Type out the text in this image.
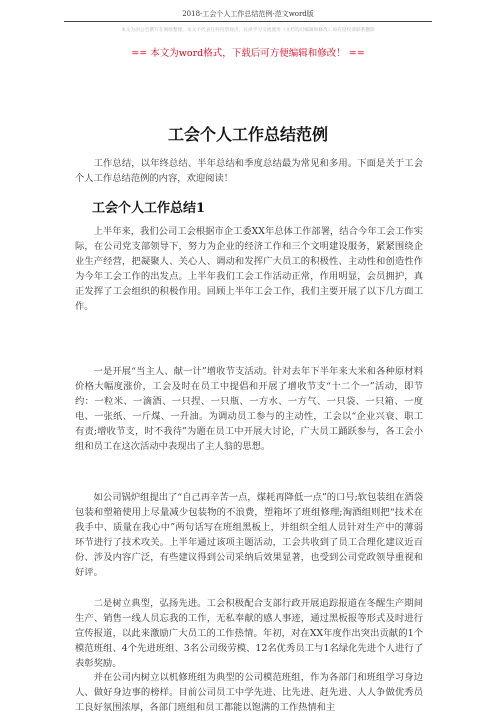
2018-工会个人工作总结范例-范文word版
本文为因公会撰写在网络整理，本文不代表任何投票观点，仅供学习交流使用（文档均可编辑和修改）如有侵权请联系删除
== 本文为word格式，下载后可方便编辑和修改！ ==
工会个人工作总结范例

工作总结，以年终总结、半年总结和季度总结最为常见和多用。下面是关于工会个人工作总结范例的内容，欢迎阅读！

工会个人工作总结1

上半年来，我们公司工会根据市企工委XX年总体工作部署，结合今年工会工作实际，在公司党支部领导下，努力为企业的经济工作和三个文明建设服务，紧紧围绕企业生产经营，把凝聚人、关心人、调动和发挥广大员工的积极性、主动性和创造性作为今年工会工作的出发点。上半年我们工会工作活动正常，作用明显，会员拥护，真正发挥了工会组织的积极作用。回顾上半年工会工作，我们主要开展了以下几方面工作。

一是开展“当主人、献一计”增收节支活动。针对去年下半年来大米和各种原材料价格大幅度涨价，工会及时在员工中提倡和开展了增收节支“十二个一”活动，即节约：一粒米、一滴酒、一只捏、一只瓶、一方水、一方气、一只袋、一只箱、一度电、一张纸、一斤煤、一升油。为调动员工参与的主动性，工会以“企业兴衰、职工有责;增收节支，时不我待”为题在员工中开展大讨论，广大员工踊跃参与，各工会小组和员工在这次活动中表现出了主人翁的思想。

如公司锅炉组提出了“自己再辛苦一点，煤耗再降低一点”的口号;软包装组在酒袋包装和塑箱使用上尽量减少包装物的不浪费，塑箱坏了班组修理;淘酒组则把“技术在我手中、质量在我心中”两句话写在班组黑板上，并组织全组人员针对生产中的薄弱环节进行了技术攻关。上半年通过该项主题活动，工会共收到了员工合理化建议近百份、涉及内容广泛，有些建议得到公司采纳后效果显著，也受到公司党政领导重视和好评。

二是树立典型，弘扬先进。工会积极配合支部行政开展追踪报道在冬醒生产期间生产、销售一线人员忘我的工作，无私奉献的感人事迹，通过黑板报等形式及时进行宣传报道，以此来激励广大员工的工作热情。年初，对在XX年度作出突出贡献的1个模范班组、4个先进班组、3名公司级劳模、12名优秀员工与1名绿化先进个人进行了表彰奖励。

并在公司内树立以机修班组为典型的公司模范班组，作为各部门和班组学习身边人、做好身边事的榜样。目前公司员工中学先进、比先进、赶先进、人人争做优秀员工良好氛围浓厚，各部门班组和员工都能以饱满的工作热情和主
